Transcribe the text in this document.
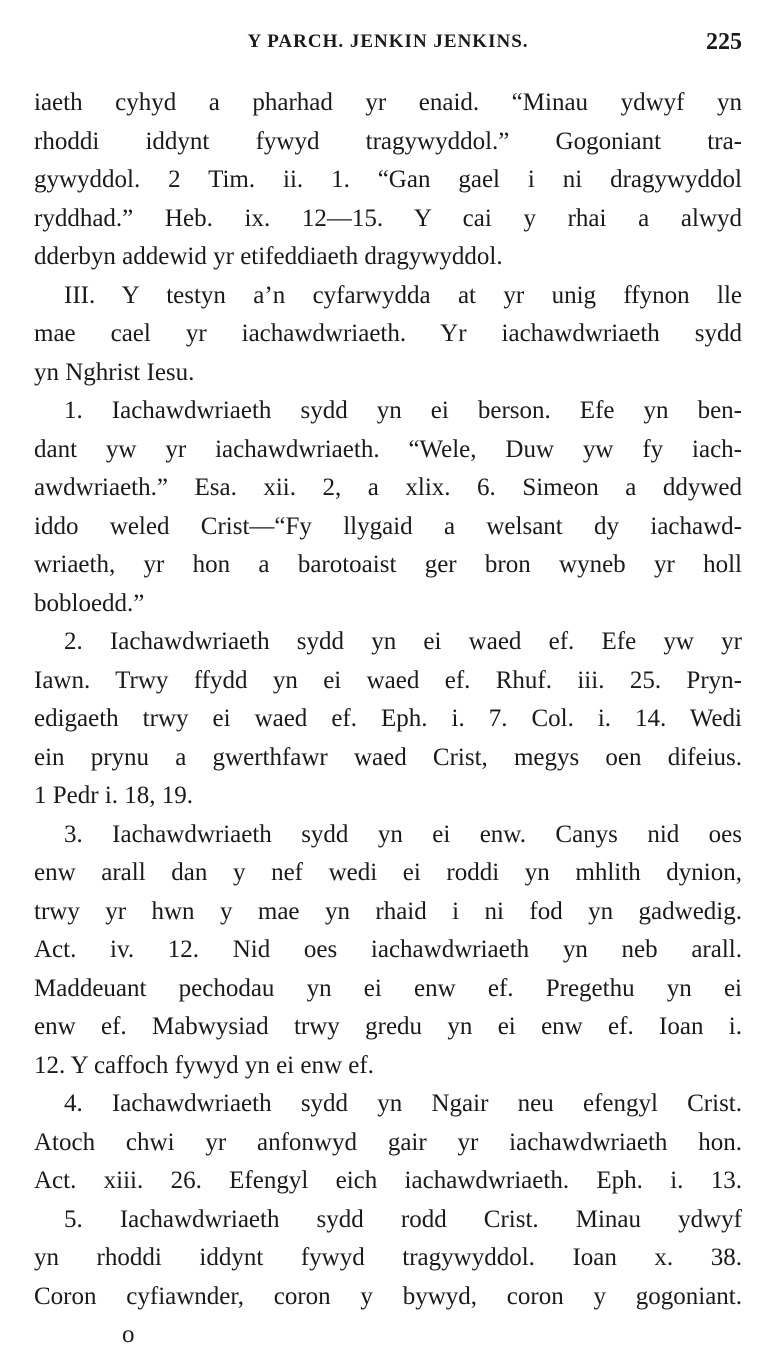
Y PARCH. JENKIN JENKINS.	225
iaeth cyhyd a pharhad yr enaid. “Minau ydwyf yn
rhoddi iddynt fywyd tragywyddol.” Gogoniant tra-
gywyddol. 2 Tim. ii. 1. “Gan gael i ni dragywyddol
ryddhad.” Heb. ix. 12—15. Y cai y rhai a alwyd
dderbyn addewid yr etifeddiaeth dragywyddol.
III. Y testyn a’n cyfarwydda at yr unig ffynon lle
mae cael yr iachawdwriaeth. Yr iachawdwriaeth sydd
yn Nghrist Iesu.
1. Iachawdwriaeth sydd yn ei berson. Efe yn ben-
dant yw yr iachawdwriaeth. “Wele, Duw yw fy iach-
awdwriaeth.” Esa. xii. 2, a xlix. 6. Simeon a ddywed
iddo weled Crist—“Fy llygaid a welsant dy iachawd-
wriaeth, yr hon a barotoaist ger bron wyneb yr holl
bobloedd.”
2. Iachawdwriaeth sydd yn ei waed ef. Efe yw yr
Iawn. Trwy ffydd yn ei waed ef. Rhuf. iii. 25. Pryn-
edigaeth trwy ei waed ef. Eph. i. 7. Col. i. 14. Wedi
ein prynu a gwerthfawr waed Crist, megys oen difeius.
1 Pedr i. 18, 19.
3. Iachawdwriaeth sydd yn ei enw. Canys nid oes
enw arall dan y nef wedi ei roddi yn mhlith dynion,
trwy yr hwn y mae yn rhaid i ni fod yn gadwedig.
Act. iv. 12. Nid oes iachawdwriaeth yn neb arall.
Maddeuant pechodau yn ei enw ef. Pregethu yn ei
enw ef. Mabwysiad trwy gredu yn ei enw ef. Ioan i.
12. Y caffoch fywyd yn ei enw ef.
4. Iachawdwriaeth sydd yn Ngair neu efengyl Crist.
Atoch chwi yr anfonwyd gair yr iachawdwriaeth hon.
Act. xiii. 26. Efengyl eich iachawdwriaeth. Eph. i. 13.
5. Iachawdwriaeth sydd rodd Crist. Minau ydwyf
yn rhoddi iddynt fywyd tragywyddol. Ioan x. 38.
Coron cyfiawnder, coron y bywyd, coron y gogoniant.
o
